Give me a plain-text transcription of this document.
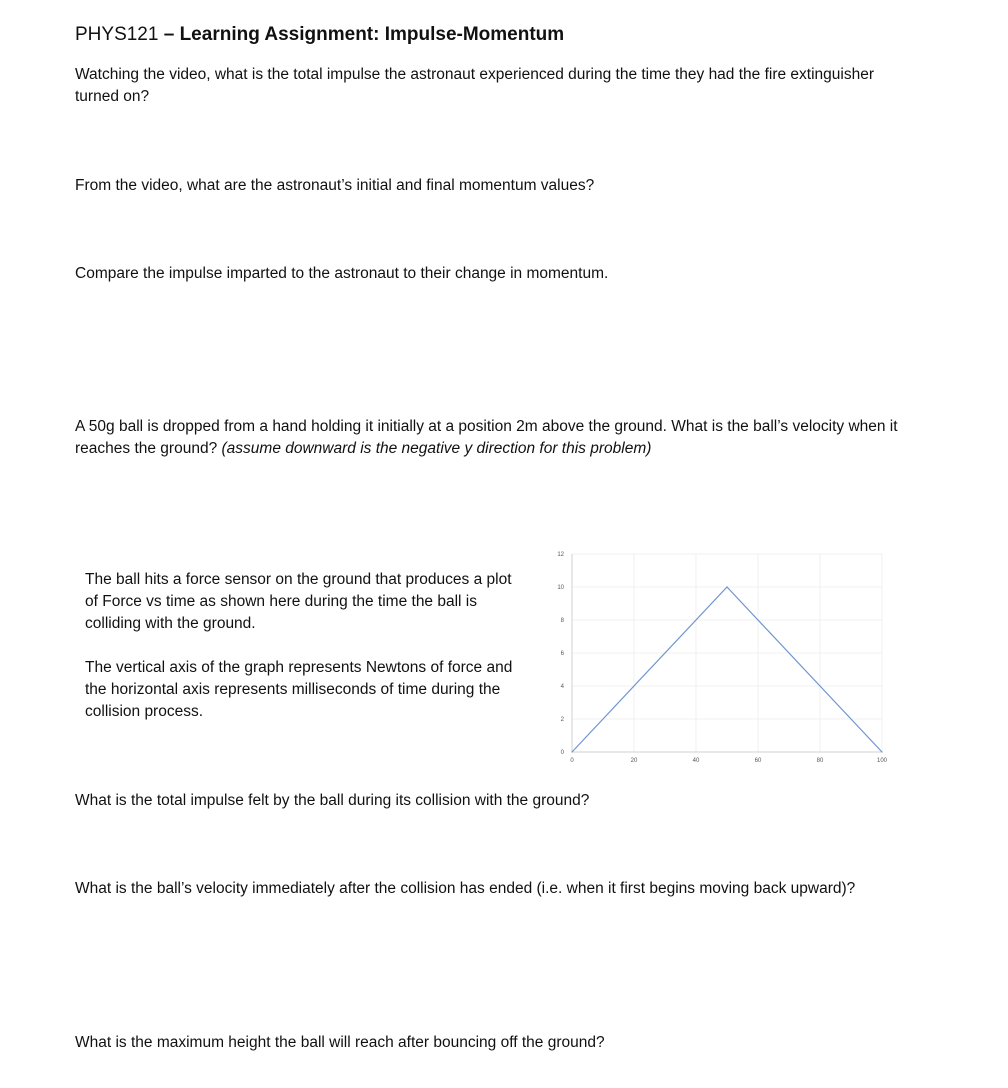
PHYS121 – Learning Assignment: Impulse-Momentum
Watching the video, what is the total impulse the astronaut experienced during the time they had the fire extinguisher turned on?
From the video, what are the astronaut’s initial and final momentum values?
Compare the impulse imparted to the astronaut to their change in momentum.
A 50g ball is dropped from a hand holding it initially at a position 2m above the ground. What is the ball’s velocity when it reaches the ground? (assume downward is the negative y direction for this problem)
The ball hits a force sensor on the ground that produces a plot of Force vs time as shown here during the time the ball is colliding with the ground.
The vertical axis of the graph represents Newtons of force and the horizontal axis represents milliseconds of time during the collision process.
0
2
4
6
8
10
12
0	20	40	60	80	100
What is the total impulse felt by the ball during its collision with the ground?
What is the ball’s velocity immediately after the collision has ended (i.e. when it first begins moving back upward)?
What is the maximum height the ball will reach after bouncing off the ground?
